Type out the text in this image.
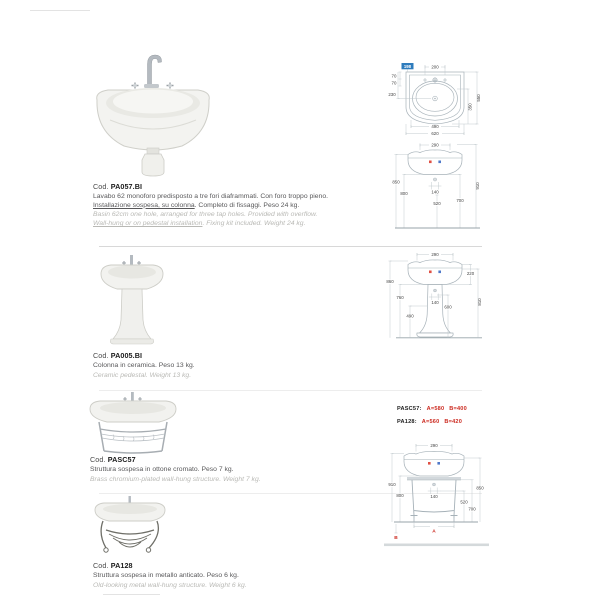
Cod. PA057.BI
Lavabo 62 monoforo predisposto a tre fori diaframmati. Con foro troppo pieno.
Installazione sospesa, su colonna. Completo di fissaggi. Peso 24 kg.
Basin 62cm one hole, arranged for three tap holes. Provided with overflow.
Wall-hung or on pedestal installation. Fixing kit included. Weight 24 kg.
198	200
70
70
230	550
350
490
620
290
140
520
800
850
700
910
Cod. PA005.BI
Colonna in ceramica. Peso 13 kg.
Ceramic pedestal. Weight 13 kg.
290
140
220
860
760
490
600
810
Cod. PASC57
Struttura sospesa in ottone cromato. Peso 7 kg.
Brass chromium-plated wall-hung structure. Weight 7 kg.
PASC57: A=580 B=400
PA128: A=560 B=420
290
140
910
800
850
520
700
A
B
Cod. PA128
Struttura sospesa in metallo anticato. Peso 6 kg.
Old-looking metal wall-hung structure. Weight 6 kg.
